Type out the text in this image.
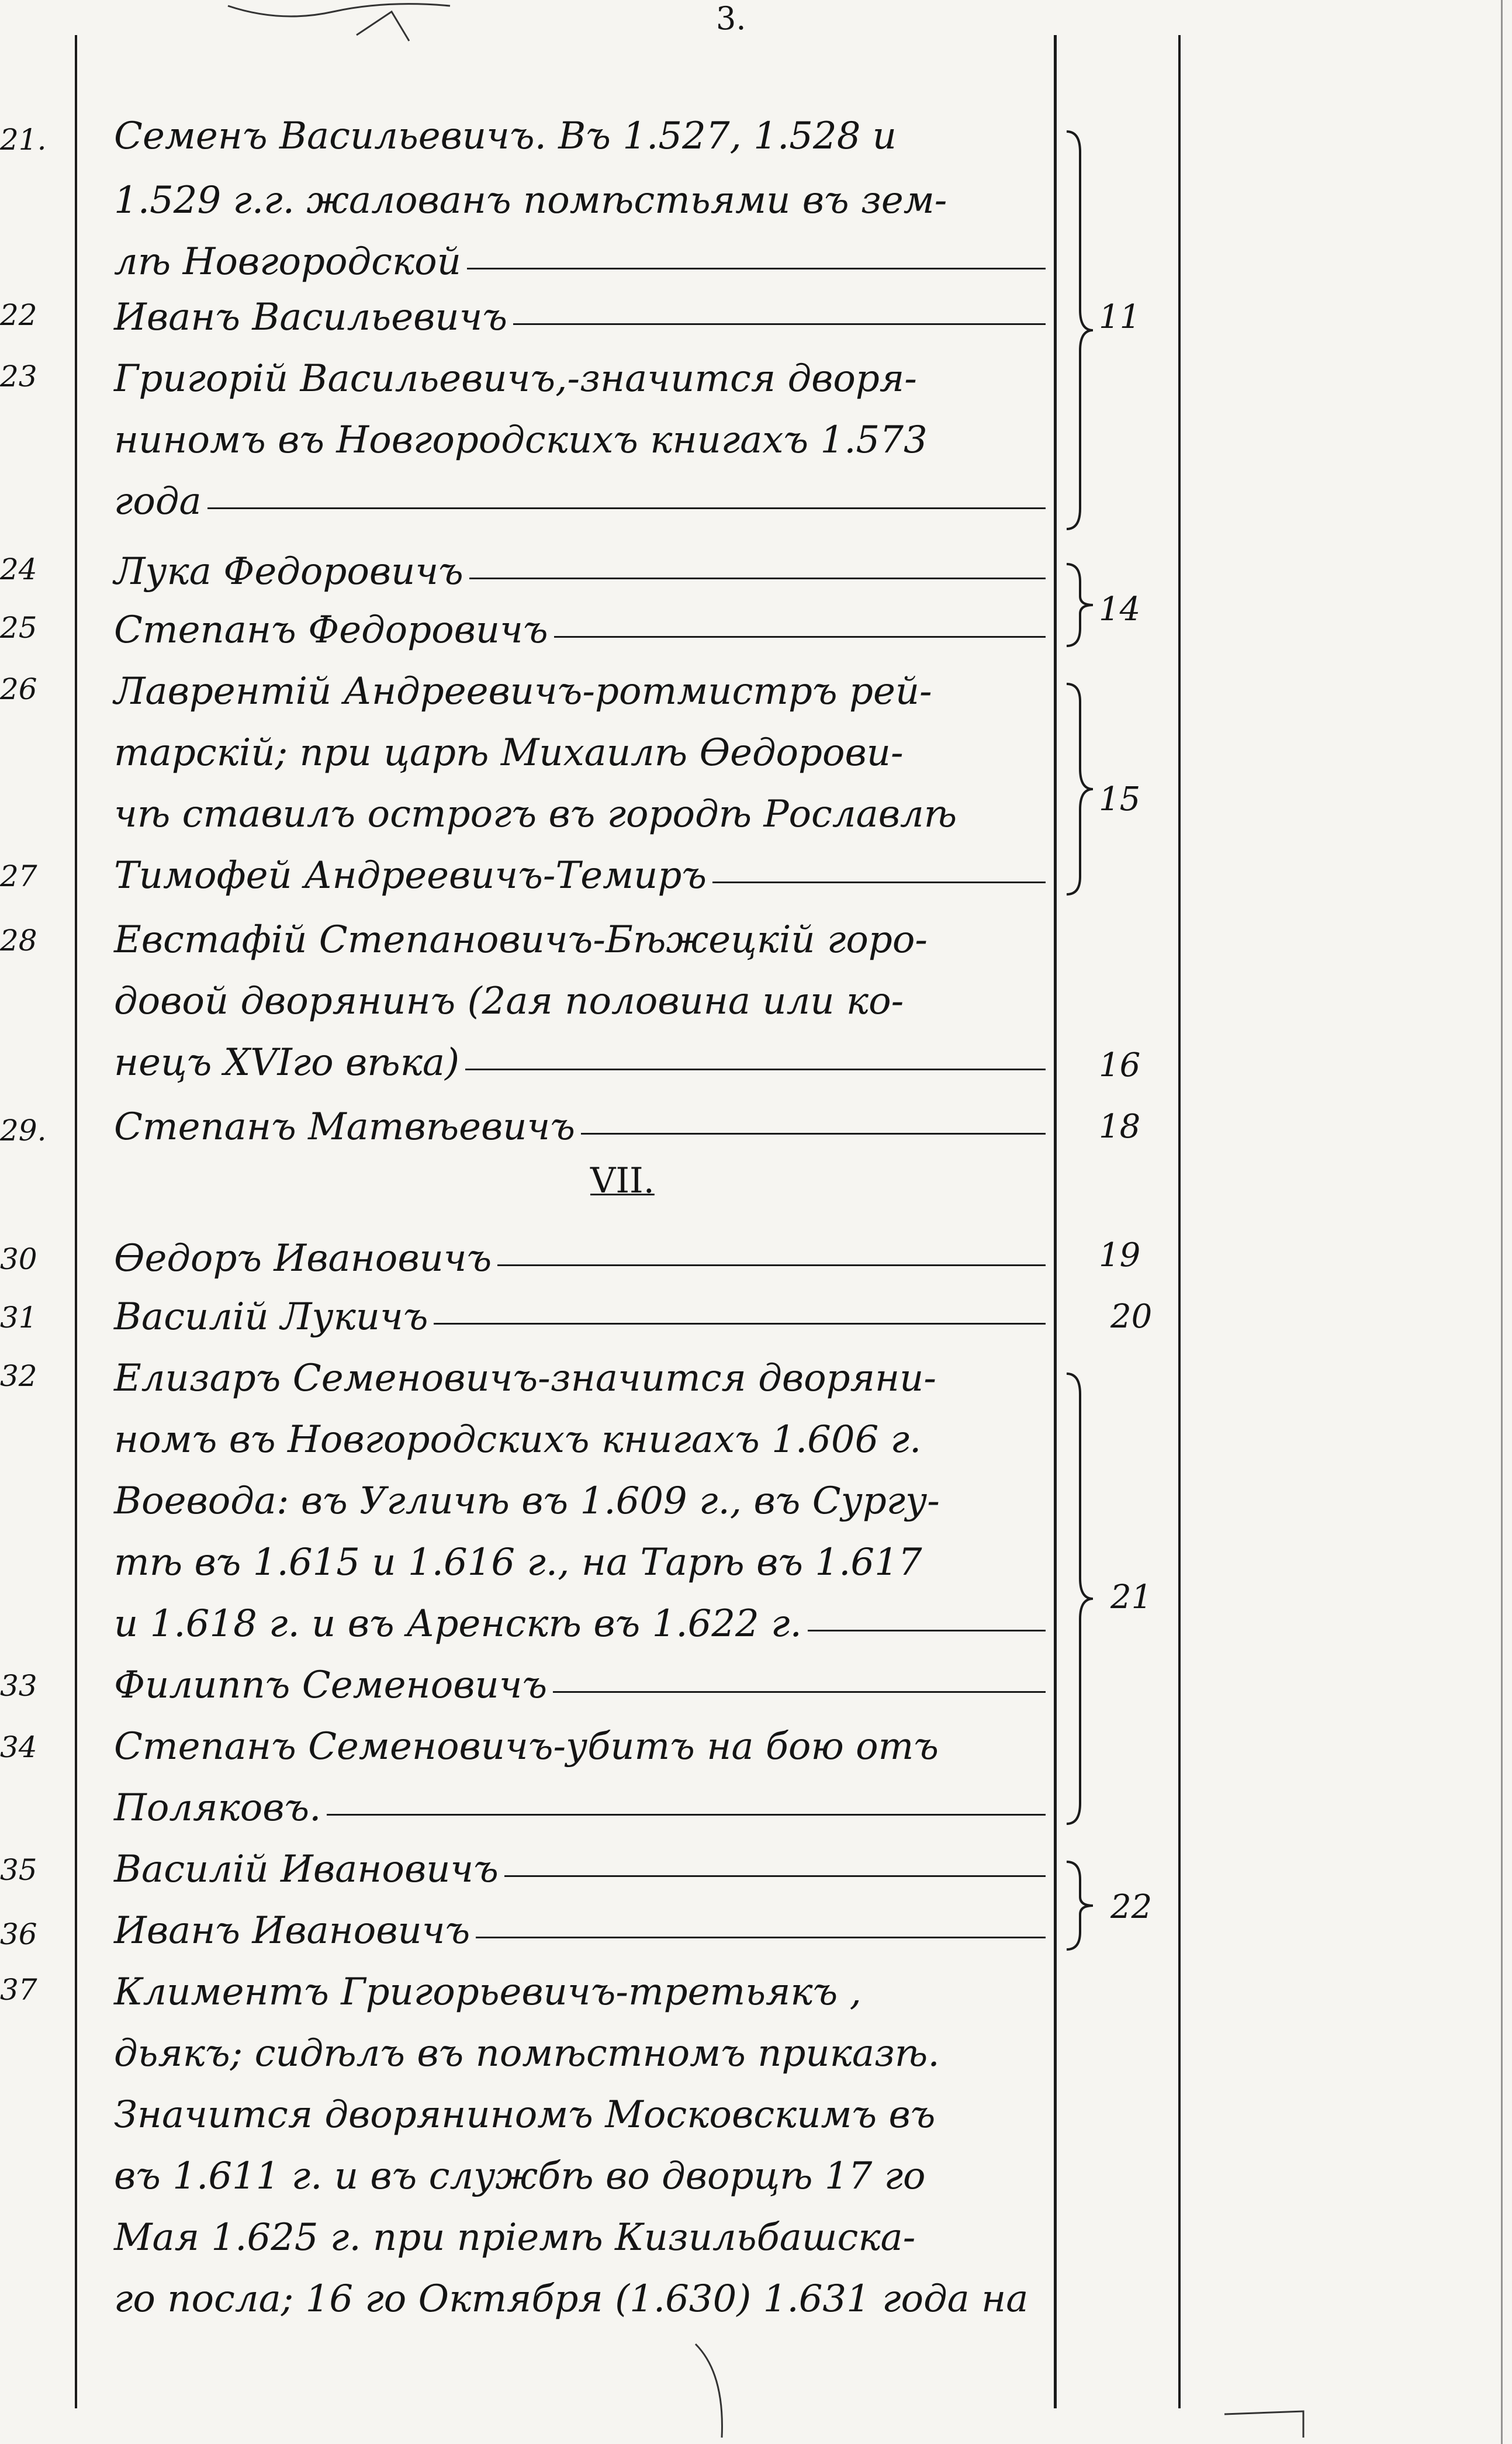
3.
21.	Семенъ Васильевичъ. Въ 1.527, 1.528 и
1.529 г.г. жалованъ помѣстьями въ зем-
лѣ Новгородской
22	Иванъ Васильевичъ
23	Григорій Васильевичъ,-значится дворя-
ниномъ въ Новгородскихъ книгахъ 1.573
года
11
24	Лука Федоровичъ
25	Степанъ Федоровичъ	14
26	Лаврентій Андреевичъ-ротмистръ рей-
тарскій; при царѣ Михаилѣ Ѳедорови-
чѣ ставилъ острогъ въ городѣ Рославлѣ
27	Тимофей Андреевичъ-Темиръ
15
28	Евстафій Степановичъ-Бѣжецкій горо-
довой дворянинъ (2ая половина или ко-
нецъ XVIго вѣка)	16
29.	Степанъ Матвѣевичъ	18
VII.
30	Ѳедоръ Ивановичъ	19
31	Василій Лукичъ	20
32	Елизаръ Семеновичъ-значится дворяни-
номъ въ Новгородскихъ книгахъ 1.606 г.
Воевода: въ Угличѣ въ 1.609 г., въ Сургу-
тѣ въ 1.615 и 1.616 г., на Тарѣ въ 1.617
и 1.618 г. и въ Аренскѣ въ 1.622 г.
33	Филиппъ Семеновичъ
34	Степанъ Семеновичъ-убитъ на бою отъ
Поляковъ.
21
35	Василій Ивановичъ
36	Иванъ Ивановичъ
22
37	Климентъ Григорьевичъ-третьякъ ,
дьякъ; сидѣлъ въ помѣстномъ приказѣ.
Значится дворяниномъ Московскимъ въ
въ 1.611 г. и въ службѣ во дворцѣ 17 го
Мая 1.625 г. при пріемѣ Кизильбашска-
го посла; 16 го Октября (1.630) 1.631 года на
